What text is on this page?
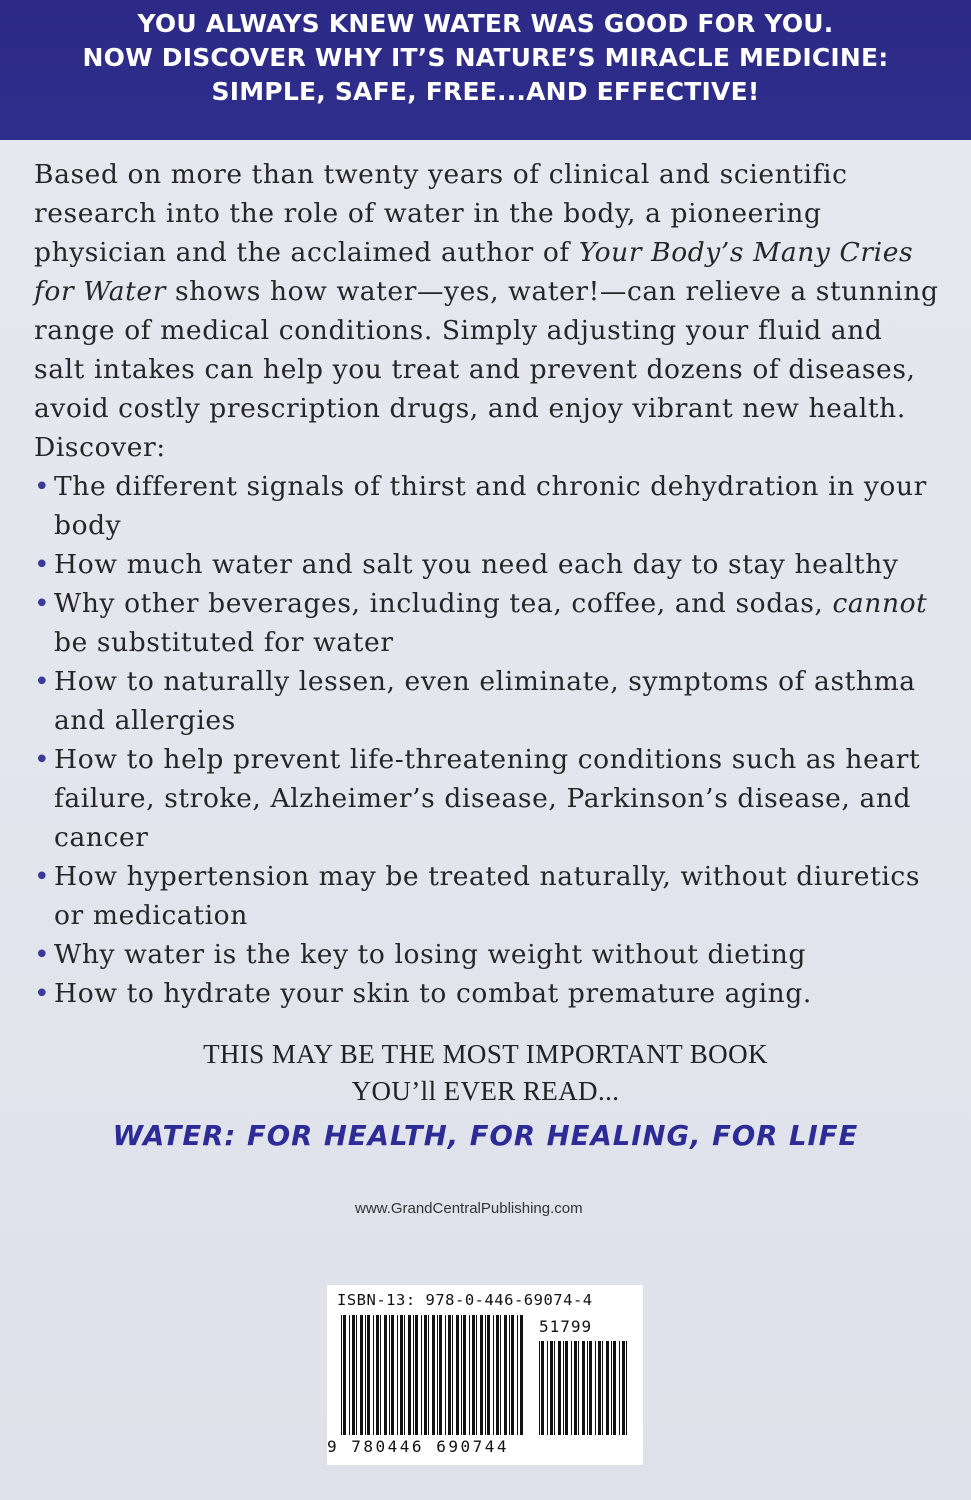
YOU ALWAYS KNEW WATER WAS GOOD FOR YOU.
NOW DISCOVER WHY IT’S NATURE’S MIRACLE MEDICINE:
SIMPLE, SAFE, FREE...AND EFFECTIVE!

Based on more than twenty years of clinical and scientific research into the role of water in the body, a pioneering physician and the acclaimed author of Your Body’s Many Cries for Water shows how water—yes, water!—can relieve a stunning range of medical conditions. Simply adjusting your fluid and salt intakes can help you treat and prevent dozens of diseases, avoid costly prescription drugs, and enjoy vibrant new health. Discover:

• The different signals of thirst and chronic dehydration in your body
• How much water and salt you need each day to stay healthy
• Why other beverages, including tea, coffee, and sodas, cannot be substituted for water
• How to naturally lessen, even eliminate, symptoms of asthma and allergies
• How to help prevent life-threatening conditions such as heart failure, stroke, Alzheimer’s disease, Parkinson’s disease, and cancer
• How hypertension may be treated naturally, without diuretics or medication
• Why water is the key to losing weight without dieting
• How to hydrate your skin to combat premature aging.
THIS MAY BE THE MOST IMPORTANT BOOK
YOU’ll EVER READ...
WATER: FOR HEALTH, FOR HEALING, FOR LIFE
www.GrandCentralPublishing.com
ISBN-13: 978-0-446-69074-4
51799
9 780446 690744
